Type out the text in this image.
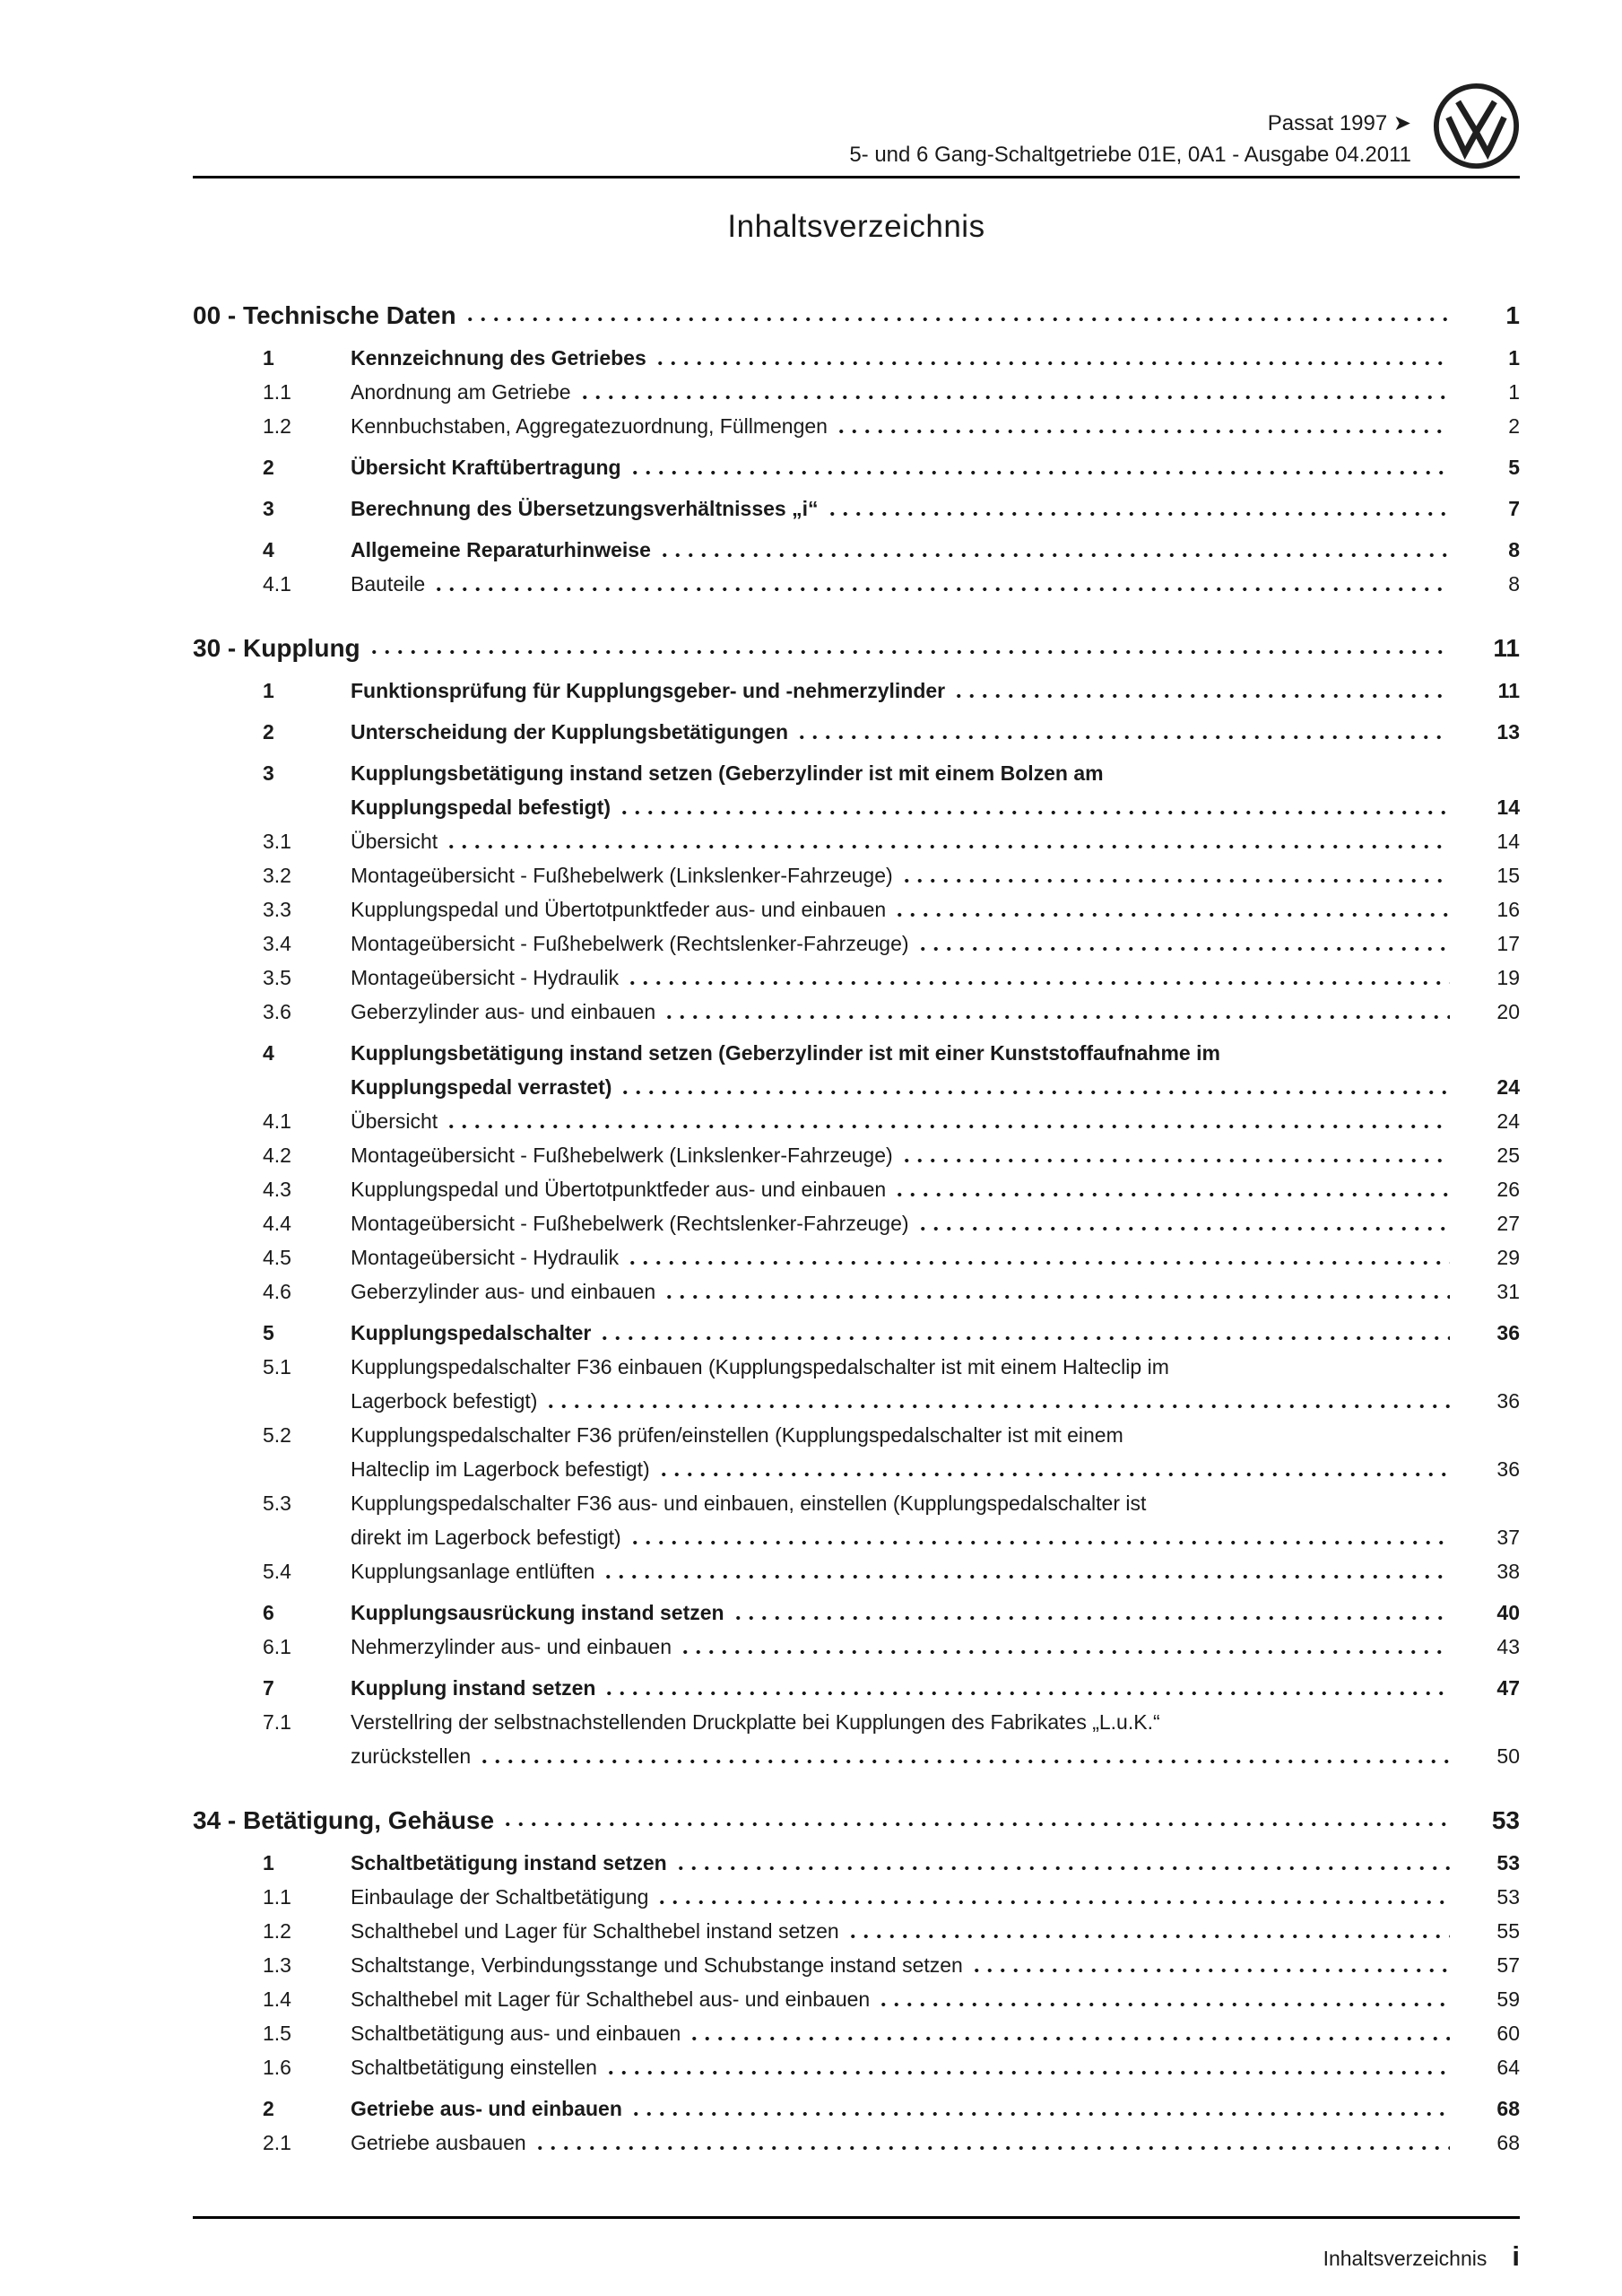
Passat 1997 ➤
5- und 6 Gang-Schaltgetriebe 01E, 0A1 - Ausgabe 04.2011
Inhaltsverzeichnis
00 - Technische Daten	1
1	Kennzeichnung des Getriebes	1
1.1	Anordnung am Getriebe	1
1.2	Kennbuchstaben, Aggregatezuordnung, Füllmengen	2
2	Übersicht Kraftübertragung	5
3	Berechnung des Übersetzungsverhältnisses „i“	7
4	Allgemeine Reparaturhinweise	8
4.1	Bauteile	8
30 - Kupplung	11
1	Funktionsprüfung für Kupplungsgeber- und -nehmerzylinder	11
2	Unterscheidung der Kupplungsbetätigungen	13
3	Kupplungsbetätigung instand setzen (Geberzylinder ist mit einem Bolzen am
Kupplungspedal befestigt)	14
3.1	Übersicht	14
3.2	Montageübersicht - Fußhebelwerk (Linkslenker-Fahrzeuge)	15
3.3	Kupplungspedal und Übertotpunktfeder aus- und einbauen	16
3.4	Montageübersicht - Fußhebelwerk (Rechtslenker-Fahrzeuge)	17
3.5	Montageübersicht - Hydraulik	19
3.6	Geberzylinder aus- und einbauen	20
4	Kupplungsbetätigung instand setzen (Geberzylinder ist mit einer Kunststoffaufnahme im
Kupplungspedal verrastet)	24
4.1	Übersicht	24
4.2	Montageübersicht - Fußhebelwerk (Linkslenker-Fahrzeuge)	25
4.3	Kupplungspedal und Übertotpunktfeder aus- und einbauen	26
4.4	Montageübersicht - Fußhebelwerk (Rechtslenker-Fahrzeuge)	27
4.5	Montageübersicht - Hydraulik	29
4.6	Geberzylinder aus- und einbauen	31
5	Kupplungspedalschalter	36
5.1	Kupplungspedalschalter F36 einbauen (Kupplungspedalschalter ist mit einem Halteclip im
Lagerbock befestigt)	36
5.2	Kupplungspedalschalter F36 prüfen/einstellen (Kupplungspedalschalter ist mit einem
Halteclip im Lagerbock befestigt)	36
5.3	Kupplungspedalschalter F36 aus- und einbauen, einstellen (Kupplungspedalschalter ist
direkt im Lagerbock befestigt)	37
5.4	Kupplungsanlage entlüften	38
6	Kupplungsausrückung instand setzen	40
6.1	Nehmerzylinder aus- und einbauen	43
7	Kupplung instand setzen	47
7.1	Verstellring der selbstnachstellenden Druckplatte bei Kupplungen des Fabrikates „L.u.K.“
zurückstellen	50
34 - Betätigung, Gehäuse	53
1	Schaltbetätigung instand setzen	53
1.1	Einbaulage der Schaltbetätigung	53
1.2	Schalthebel und Lager für Schalthebel instand setzen	55
1.3	Schaltstange, Verbindungsstange und Schubstange instand setzen	57
1.4	Schalthebel mit Lager für Schalthebel aus- und einbauen	59
1.5	Schaltbetätigung aus- und einbauen	60
1.6	Schaltbetätigung einstellen	64
2	Getriebe aus- und einbauen	68
2.1	Getriebe ausbauen	68
Inhaltsverzeichnis i
